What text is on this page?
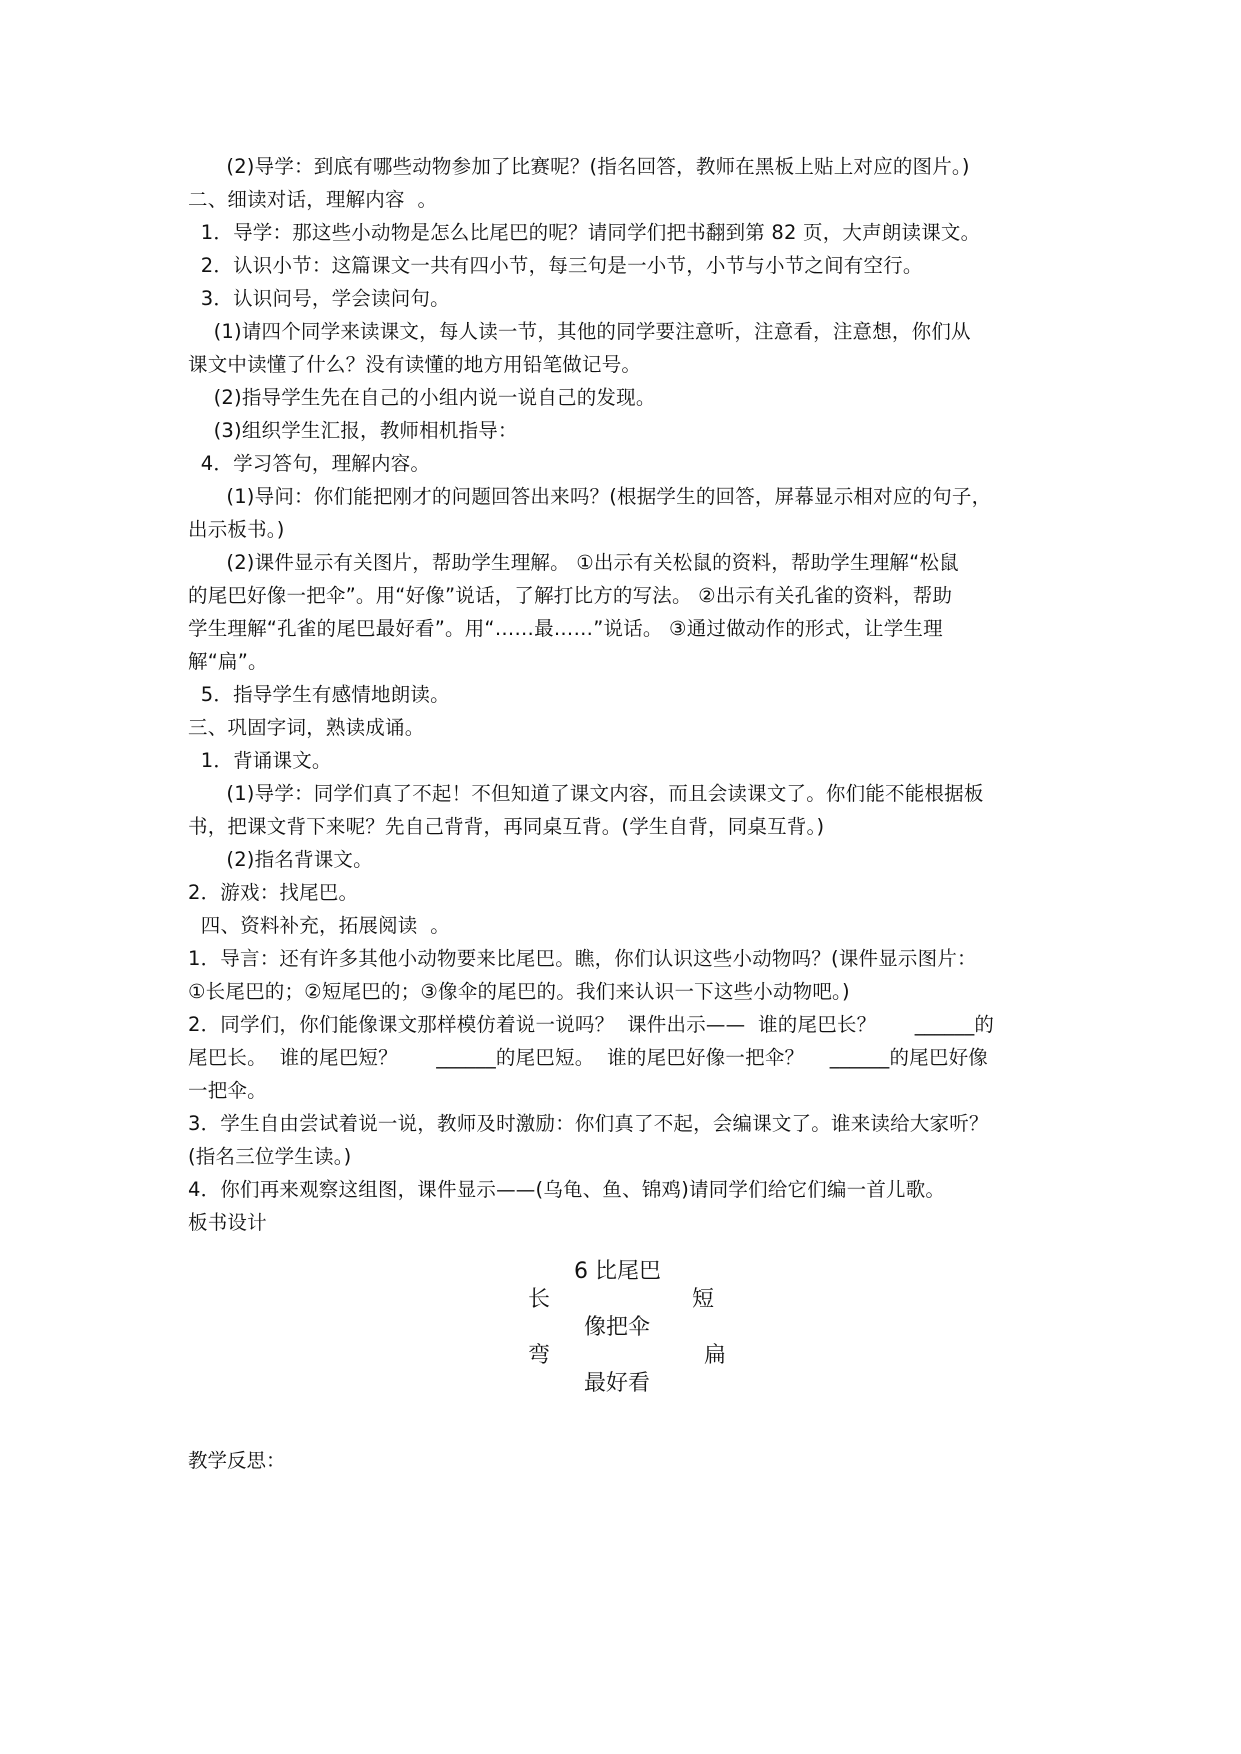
(2)导学：到底有哪些动物参加了比赛呢？(指名回答，教师在黑板上贴上对应的图片。)
二、细读对话，理解内容  。
1．导学：那这些小动物是怎么比尾巴的呢？请同学们把书翻到第 82 页，大声朗读课文。
2．认识小节：这篇课文一共有四小节，每三句是一小节，小节与小节之间有空行。
3．认识问号，学会读问句。
(1)请四个同学来读课文，每人读一节，其他的同学要注意听，注意看，注意想，你们从
课文中读懂了什么？没有读懂的地方用铅笔做记号。
(2)指导学生先在自己的小组内说一说自己的发现。
(3)组织学生汇报，教师相机指导：
4．学习答句，理解内容。
(1)导问：你们能把刚才的问题回答出来吗？(根据学生的回答，屏幕显示相对应的句子，
出示板书。)
(2)课件显示有关图片，帮助学生理解。 ①出示有关松鼠的资料，帮助学生理解“松鼠
的尾巴好像一把伞”。用“好像”说话，了解打比方的写法。 ②出示有关孔雀的资料，帮助
学生理解“孔雀的尾巴最好看”。用“……最……”说话。 ③通过做动作的形式，让学生理
解“扁”。
5．指导学生有感情地朗读。
三、巩固字词，熟读成诵。
1．背诵课文。
(1)导学：同学们真了不起！不但知道了课文内容，而且会读课文了。你们能不能根据板
书，把课文背下来呢？先自己背背，再同桌互背。(学生自背，同桌互背。)
(2)指名背课文。
2．游戏：找尾巴。
四、资料补充，拓展阅读  。
1．导言：还有许多其他小动物要来比尾巴。瞧，你们认识这些小动物吗？(课件显示图片：
①长尾巴的；②短尾巴的；③像伞的尾巴的。我们来认识一下这些小动物吧。)
2．同学们，你们能像课文那样模仿着说一说吗？  课件出示——  谁的尾巴长？      ______的
尾巴长。  谁的尾巴短？      ______的尾巴短。  谁的尾巴好像一把伞？    ______的尾巴好像
一把伞。
3．学生自由尝试着说一说，教师及时激励：你们真了不起，会编课文了。谁来读给大家听？
(指名三位学生读。)
4．你们再来观察这组图，课件显示——(乌龟、鱼、锦鸡)请同学们给它们编一首儿歌。
板书设计
6 比尾巴
长	短
像把伞
弯	扁
最好看
教学反思：
